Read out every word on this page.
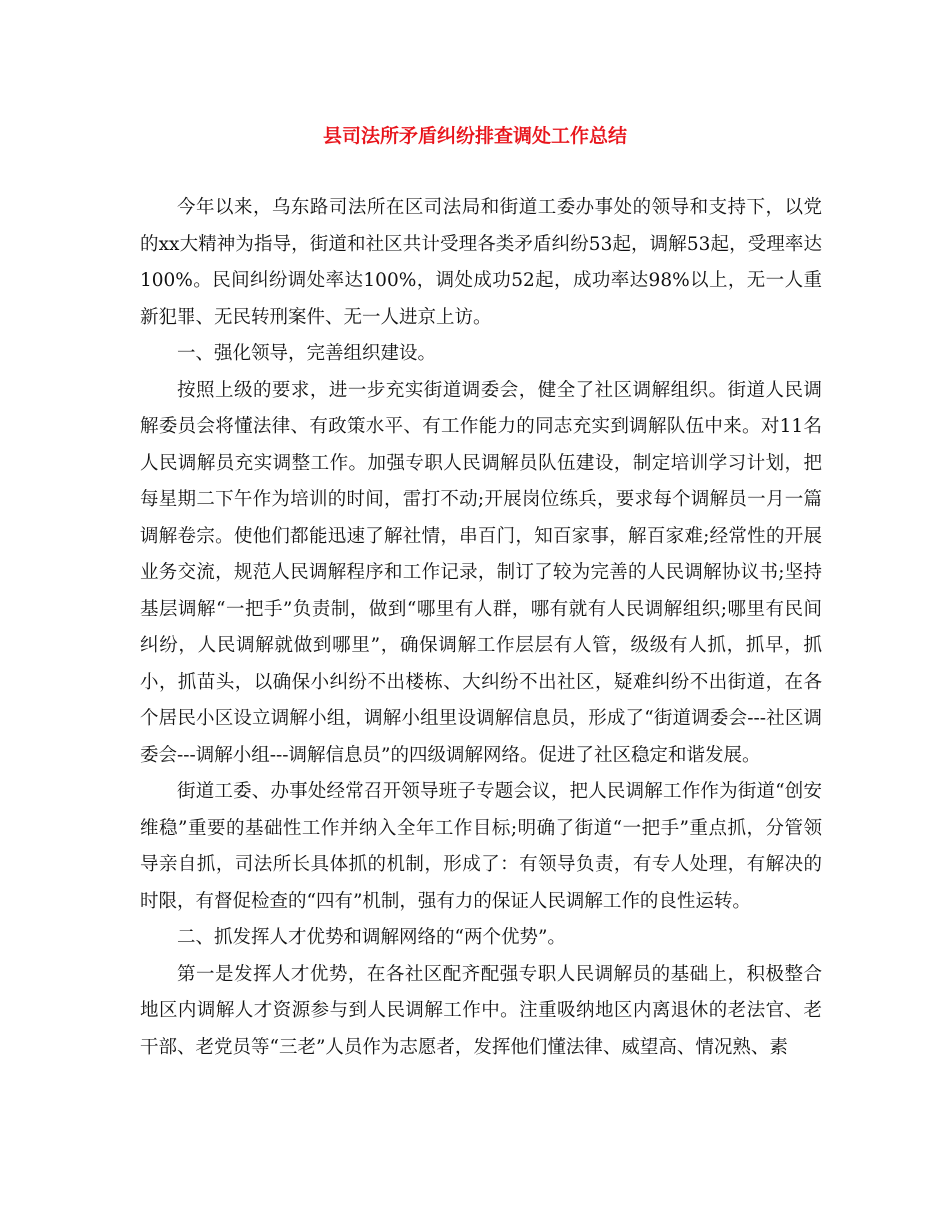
县司法所矛盾纠纷排查调处工作总结

今年以来，乌东路司法所在区司法局和街道工委办事处的领导和支持下，以党的xx大精神为指导，街道和社区共计受理各类矛盾纠纷53起，调解53起，受理率达100%。民间纠纷调处率达100%，调处成功52起，成功率达98%以上，无一人重新犯罪、无民转刑案件、无一人进京上访。

一、强化领导，完善组织建设。

按照上级的要求，进一步充实街道调委会，健全了社区调解组织。街道人民调解委员会将懂法律、有政策水平、有工作能力的同志充实到调解队伍中来。对11名人民调解员充实调整工作。加强专职人民调解员队伍建设，制定培训学习计划，把每星期二下午作为培训的时间，雷打不动;开展岗位练兵，要求每个调解员一月一篇调解卷宗。使他们都能迅速了解社情，串百门，知百家事，解百家难;经常性的开展业务交流，规范人民调解程序和工作记录，制订了较为完善的人民调解协议书;坚持基层调解“一把手”负责制，做到“哪里有人群，哪有就有人民调解组织;哪里有民间纠纷，人民调解就做到哪里”，确保调解工作层层有人管，级级有人抓，抓早，抓小，抓苗头，以确保小纠纷不出楼栋、大纠纷不出社区，疑难纠纷不出街道，在各个居民小区设立调解小组，调解小组里设调解信息员，形成了“街道调委会---社区调委会---调解小组---调解信息员”的四级调解网络。促进了社区稳定和谐发展。

街道工委、办事处经常召开领导班子专题会议，把人民调解工作作为街道“创安维稳”重要的基础性工作并纳入全年工作目标;明确了街道“一把手”重点抓，分管领导亲自抓，司法所长具体抓的机制，形成了：有领导负责，有专人处理，有解决的时限，有督促检查的“四有”机制，强有力的保证人民调解工作的良性运转。

二、抓发挥人才优势和调解网络的“两个优势”。

第一是发挥人才优势，在各社区配齐配强专职人民调解员的基础上，积极整合地区内调解人才资源参与到人民调解工作中。注重吸纳地区内离退休的老法官、老干部、老党员等“三老”人员作为志愿者，发挥他们懂法律、威望高、情况熟、素
